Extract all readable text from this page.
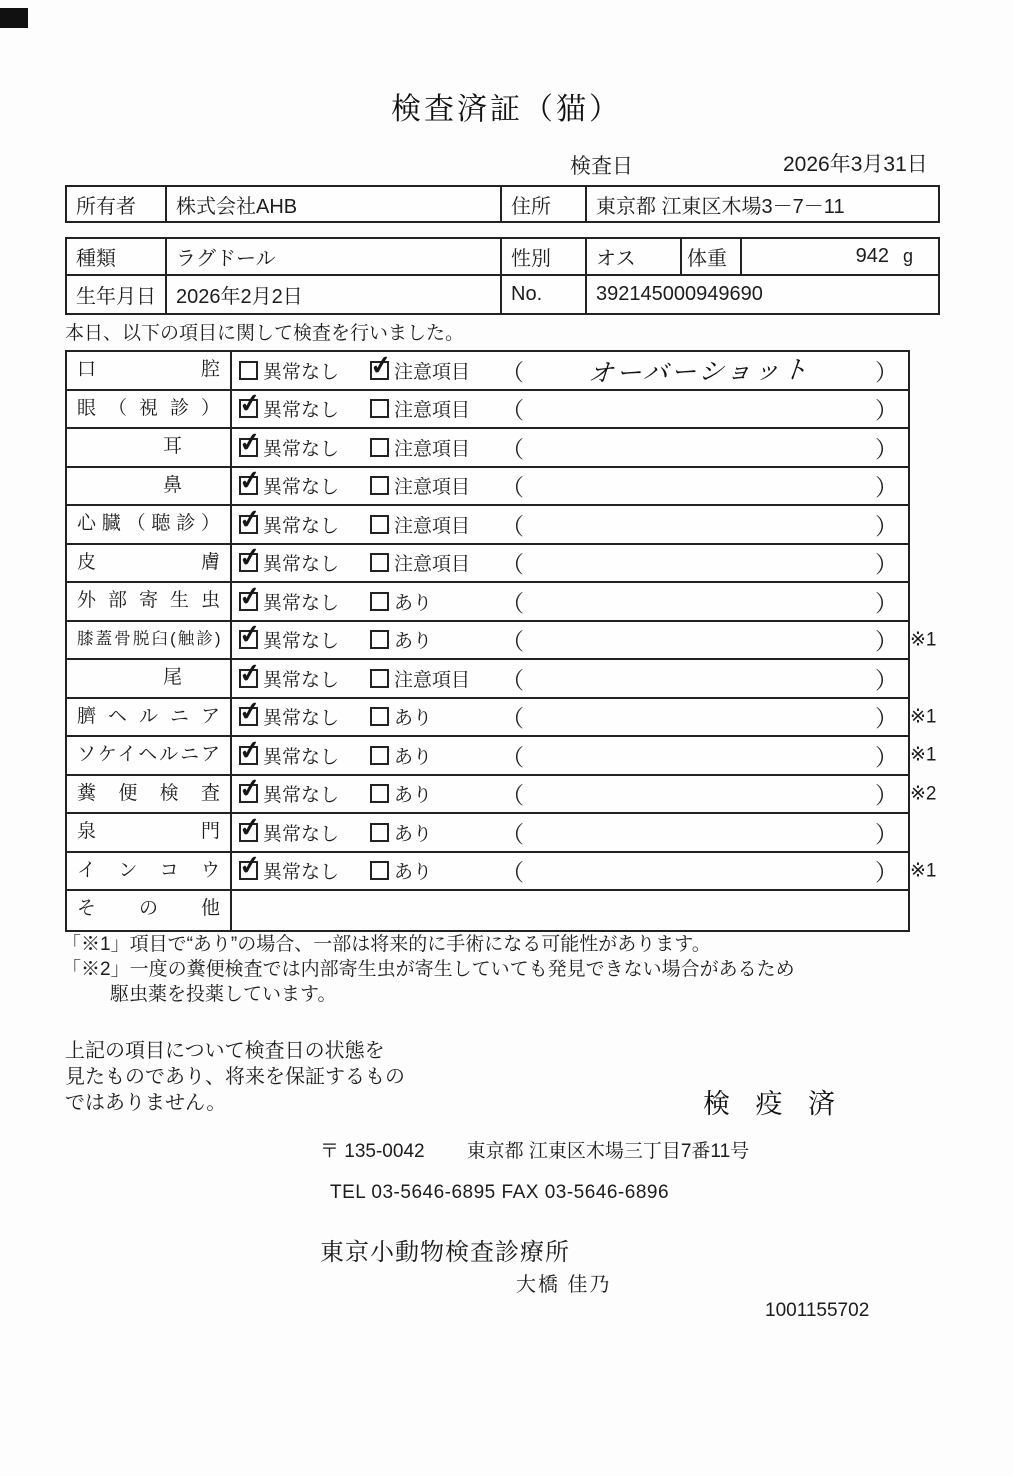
検査済証（猫）
検査日	2026年3月31日
所有者	株式会社AHB	住所	東京都 江東区木場3－7－11
種類	ラグドール	性別	オス	体重	942 g
生年月日	2026年2月2日	No.	392145000949690
本日、以下の項目に関して検査を行いました。
口腔	異常なし ✓	注意項目 （	オーバーショット	）
眼（視診） ✓	異常なし	注意項目 （	）
耳 ✓	異常なし	注意項目 （	）
鼻 ✓	異常なし	注意項目 （	）
心臓（聴診） ✓	異常なし	注意項目 （	）
皮膚 ✓	異常なし	注意項目 （	）
外部寄生虫 ✓	異常なし	あり	（	）
膝蓋骨脱臼(触診) ✓	異常なし	あり	（	） ※1
尾 ✓	異常なし	注意項目 （	）
臍ヘルニア ✓	異常なし	あり	（	） ※1
ソケイヘルニア ✓	異常なし	あり	（	） ※1
糞便検査 ✓	異常なし	あり	（	） ※2
泉門 ✓	異常なし	あり	（	）
インコウ ✓	異常なし	あり	（	） ※1
その他
「※1」項目で“あり”の場合、一部は将来的に手術になる可能性があります。
「※2」一度の糞便検査では内部寄生虫が寄生していても発見できない場合があるため
駆虫薬を投薬しています。
上記の項目について検査日の状態を
見たものであり、将来を保証するもの
ではありません。	検 疫 済
〒 135-0042 東京都 江東区木場三丁目7番11号
TEL 03-5646-6895 FAX 03-5646-6896
東京小動物検査診療所
大橋 佳乃
1001155702
